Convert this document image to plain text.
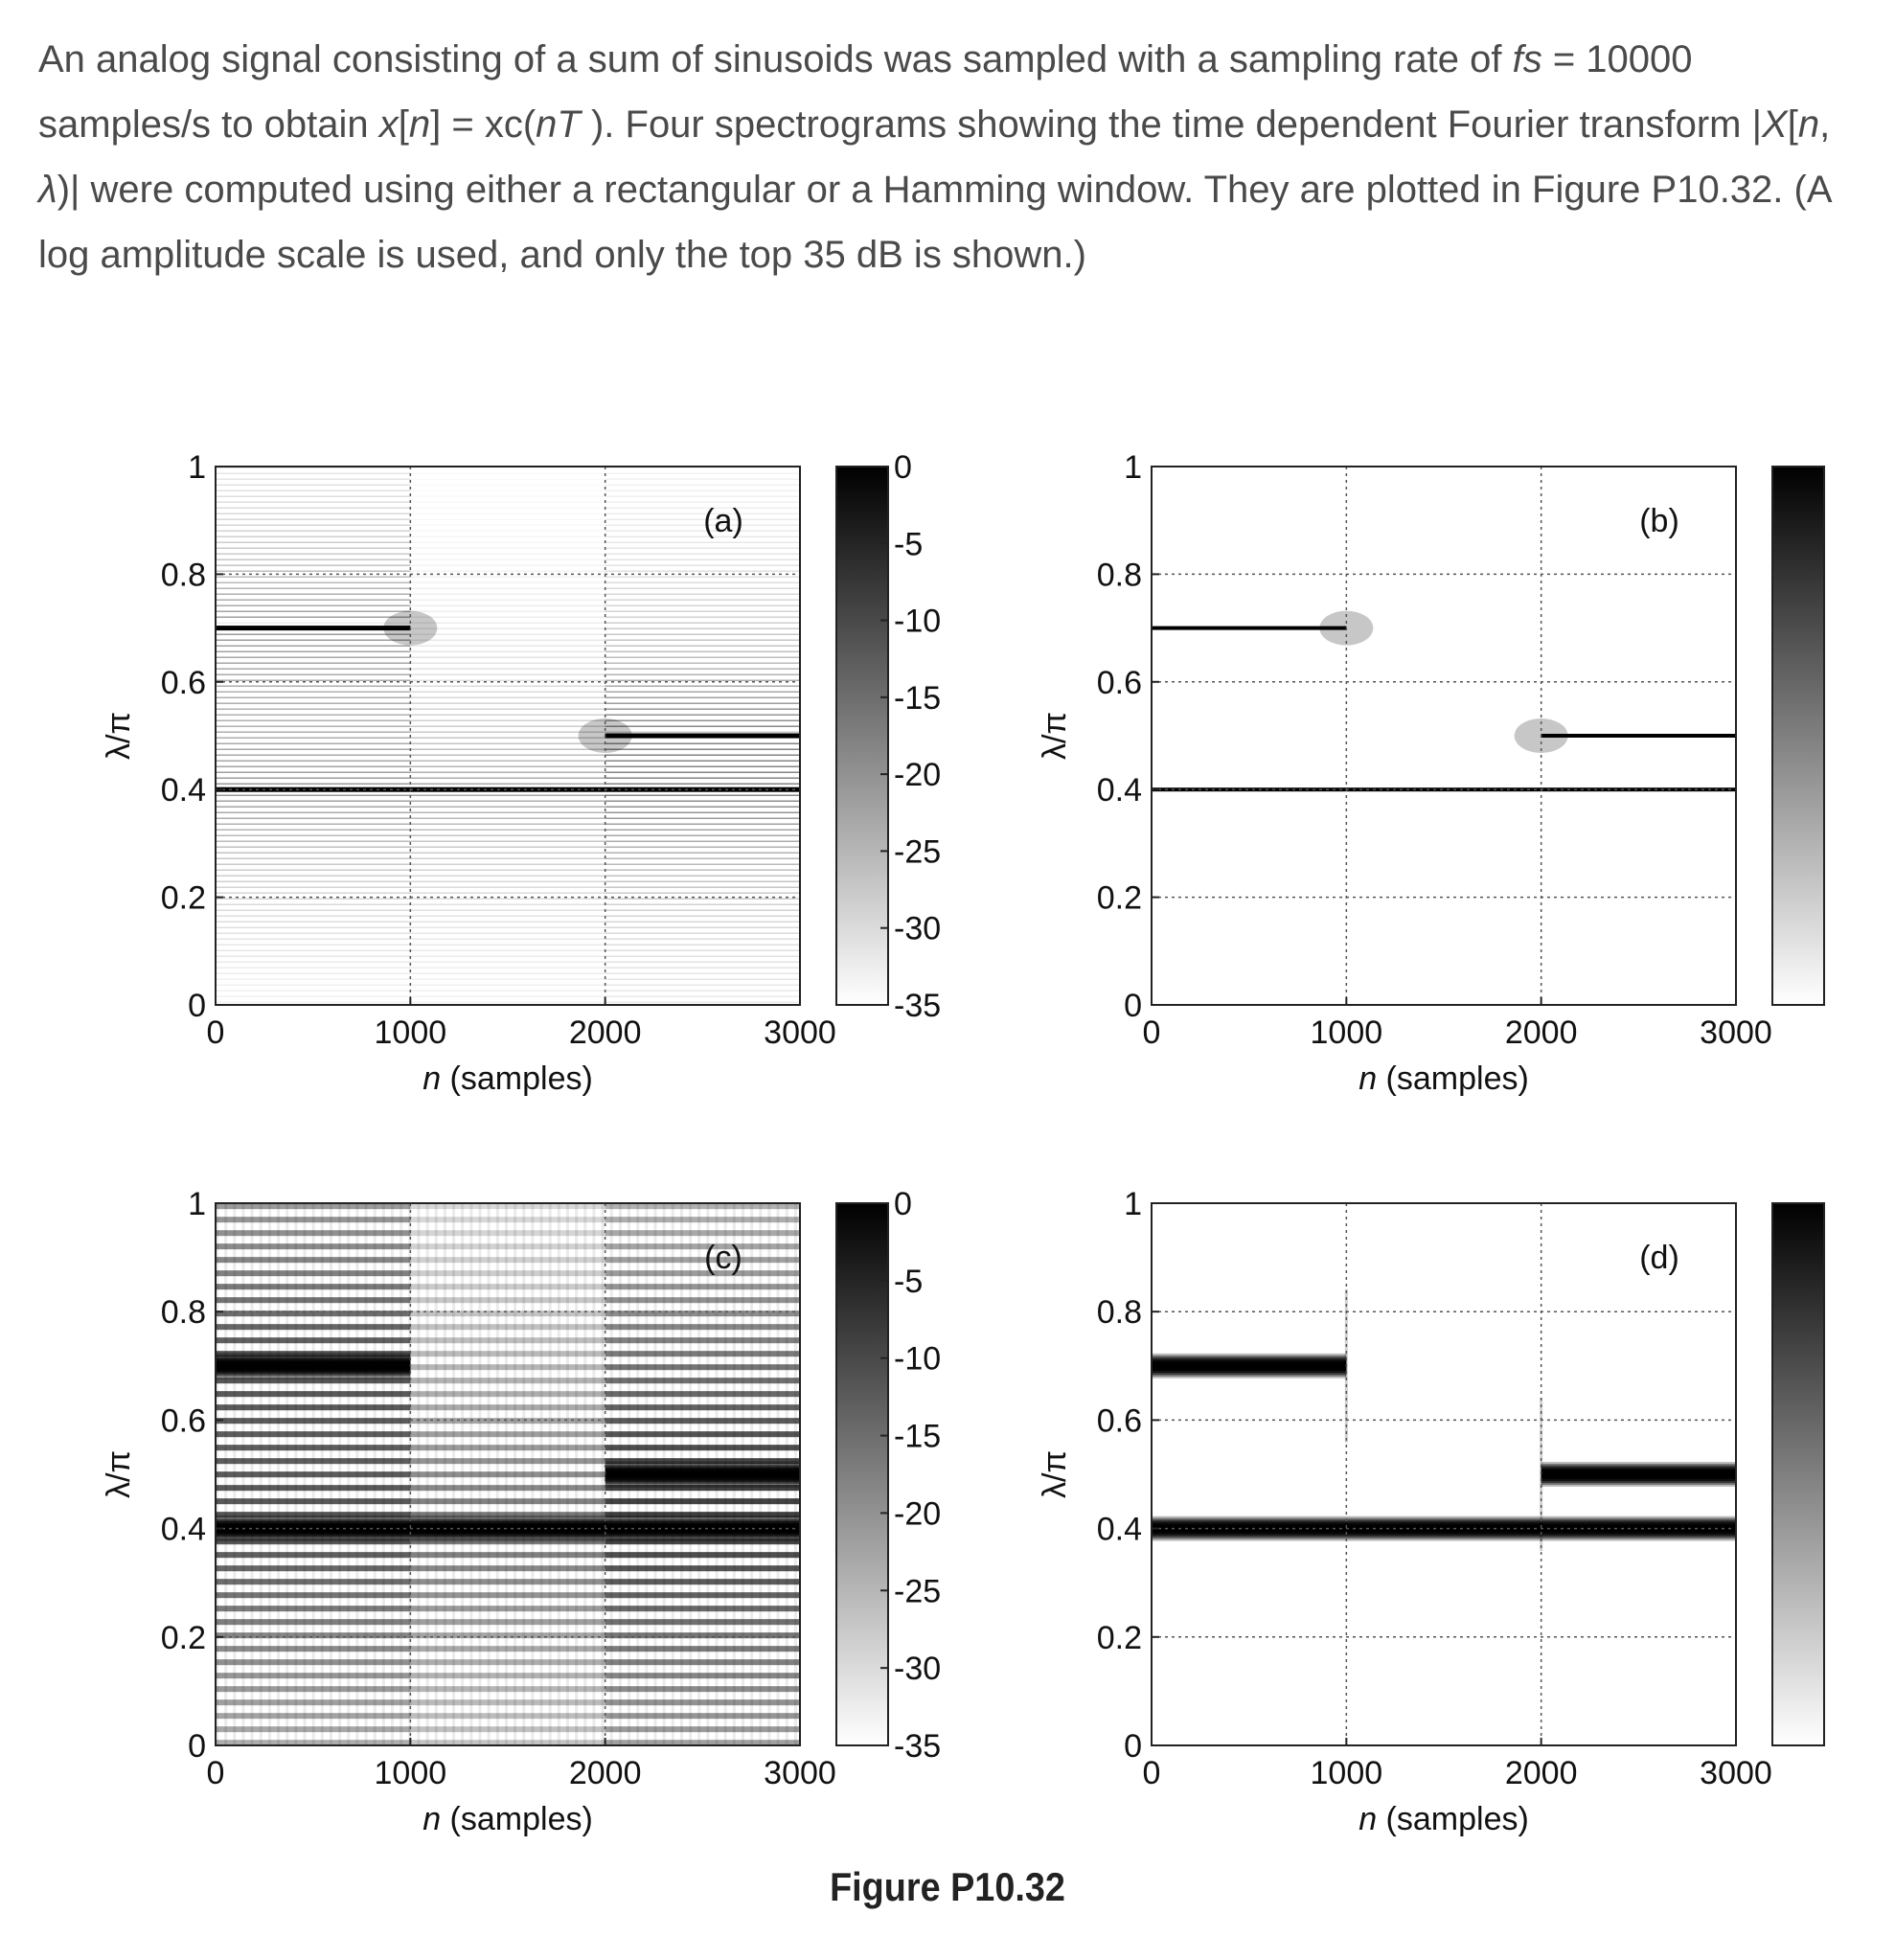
An analog signal consisting of a sum of sinusoids was sampled with a sampling rate of fs = 10000 samples/s to obtain x[n] = xc(nT ). Four spectrograms showing the time dependent Fourier transform |X[n, λ)| were computed using either a rectangular or a Hamming window. They are plotted in Figure P10.32. (A log amplitude scale is used, and only the top 35 dB is shown.)

0	1000	2000	3000
0
0.2
0.4
0.6
0.8
1
n (samples)
λ/π
(a)
0
-5
-10
-15
-20
-25
-30
-35
0	1000	2000	3000
0
0.2
0.4
0.6
0.8
1
n (samples)
λ/π
(b)
0	1000	2000	3000
0
0.2
0.4
0.6
0.8
1
n (samples)
λ/π
(c)
0
-5
-10
-15
-20
-25
-30
-35
0	1000	2000	3000
0
0.2
0.4
0.6
0.8
1
n (samples)
λ/π
(d)
Figure P10.32
